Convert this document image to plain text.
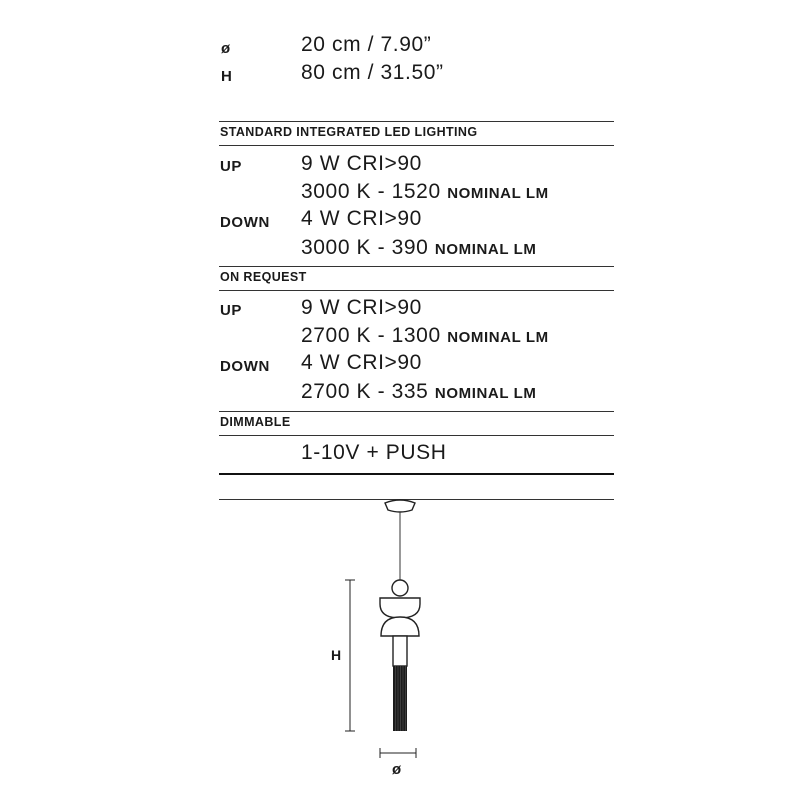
ø	20 cm / 7.90”
H	80 cm / 31.50”
STANDARD INTEGRATED LED LIGHTING
UP	9 W CRI>90
3000 K - 1520 NOMINAL LM
DOWN 4 W CRI>90
3000 K - 390 NOMINAL LM
ON REQUEST
UP	9 W CRI>90
2700 K - 1300 NOMINAL LM
DOWN 4 W CRI>90
2700 K - 335 NOMINAL LM
DIMMABLE
1-10V + PUSH
H
ø
